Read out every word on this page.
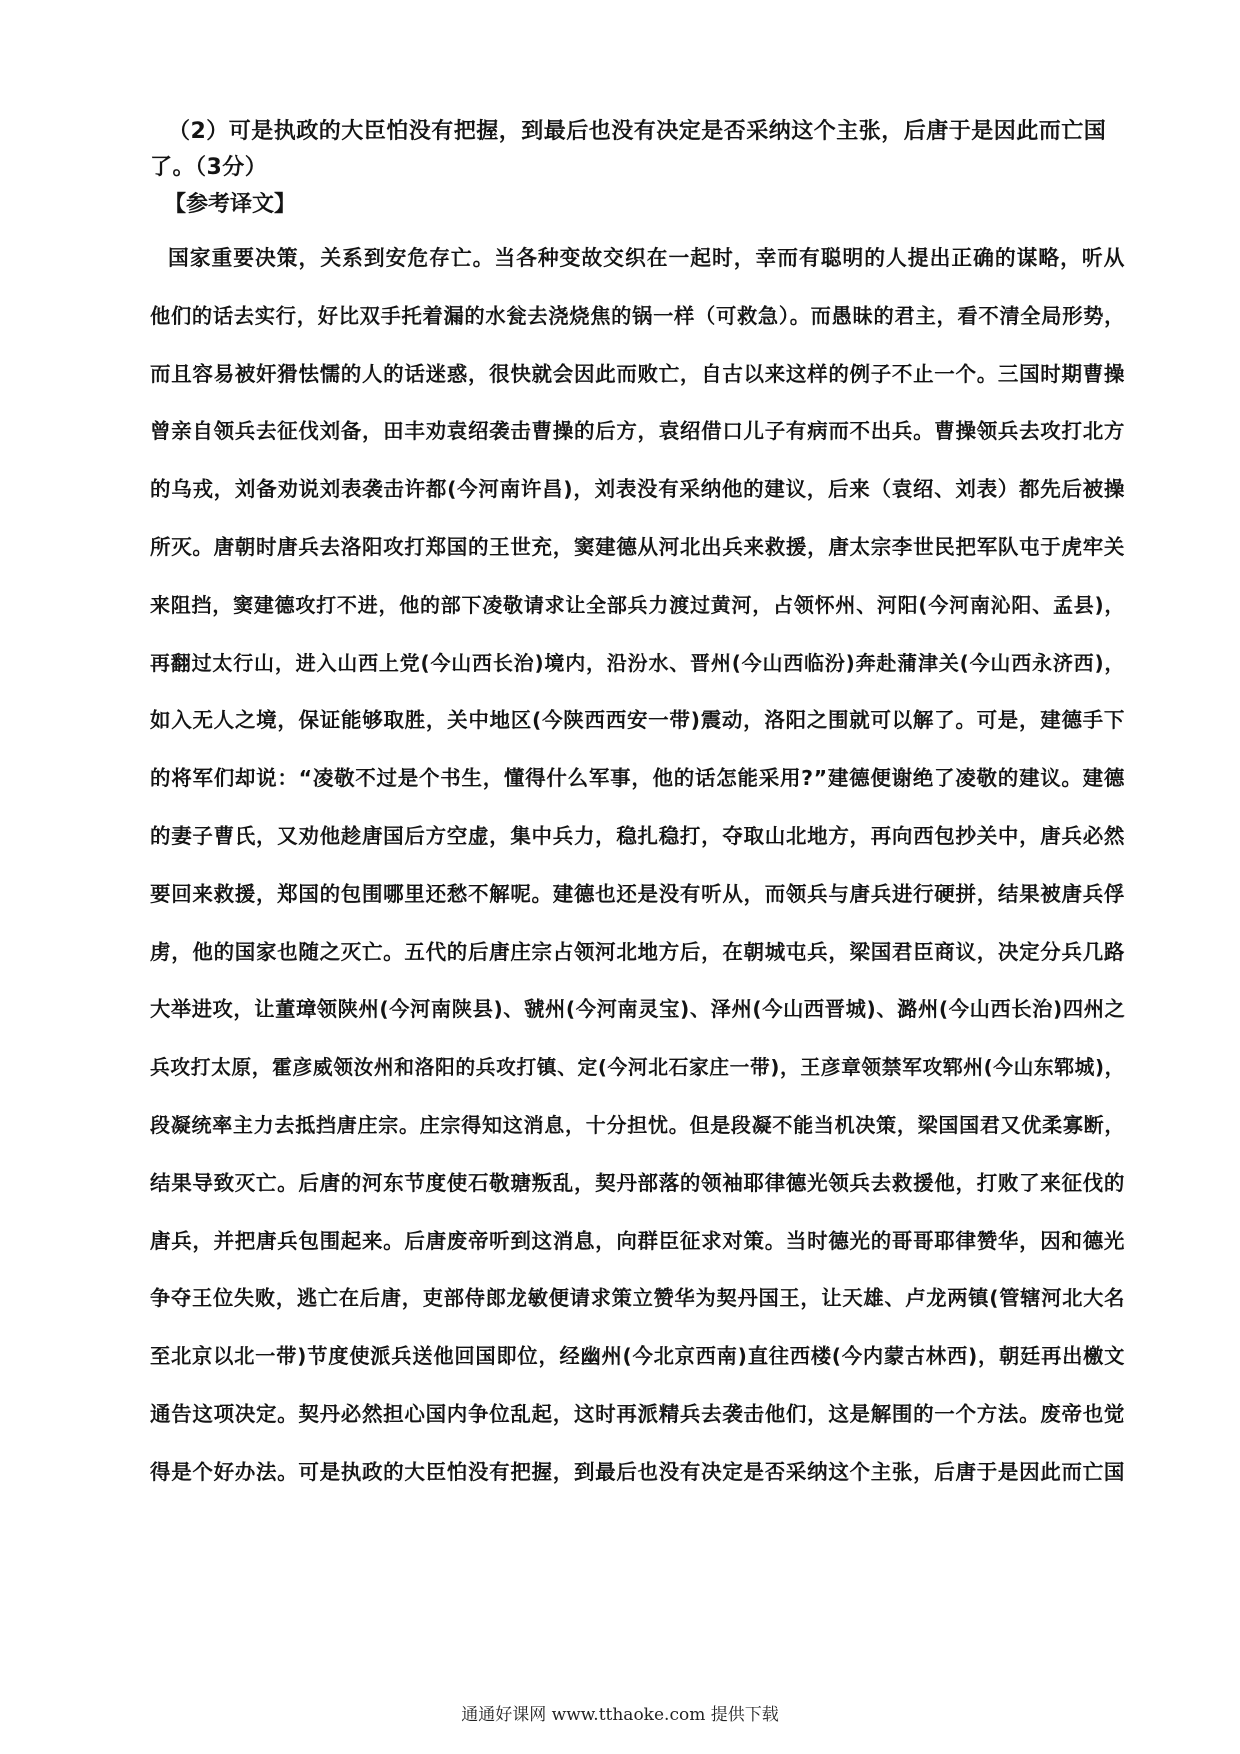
（2）可是执政的大臣怕没有把握，到最后也没有决定是否采纳这个主张，后唐于是因此而亡国了。（3分）
【参考译文】
国家重要决策，关系到安危存亡。当各种变故交织在一起时，幸而有聪明的人提出正确的谋略，听从
他们的话去实行，好比双手托着漏的水瓮去浇烧焦的锅一样（可救急）。而愚昧的君主，看不清全局形势，
而且容易被奸猾怯懦的人的话迷惑，很快就会因此而败亡，自古以来这样的例子不止一个。三国时期曹操
曾亲自领兵去征伐刘备，田丰劝袁绍袭击曹操的后方，袁绍借口儿子有病而不出兵。曹操领兵去攻打北方
的乌戎，刘备劝说刘表袭击许都(今河南许昌)，刘表没有采纳他的建议，后来（袁绍、刘表）都先后被操
所灭。唐朝时唐兵去洛阳攻打郑国的王世充，窦建德从河北出兵来救援，唐太宗李世民把军队屯于虎牢关
来阻挡，窦建德攻打不进，他的部下凌敬请求让全部兵力渡过黄河，占领怀州、河阳(今河南沁阳、孟县)，
再翻过太行山，进入山西上党(今山西长治)境内，沿汾水、晋州(今山西临汾)奔赴蒲津关(今山西永济西)，
如入无人之境，保证能够取胜，关中地区(今陕西西安一带)震动，洛阳之围就可以解了。可是，建德手下
的将军们却说：“凌敬不过是个书生，懂得什么军事，他的话怎能采用?”建德便谢绝了凌敬的建议。建德
的妻子曹氏，又劝他趁唐国后方空虚，集中兵力，稳扎稳打，夺取山北地方，再向西包抄关中，唐兵必然
要回来救援，郑国的包围哪里还愁不解呢。建德也还是没有听从，而领兵与唐兵进行硬拼，结果被唐兵俘
虏，他的国家也随之灭亡。五代的后唐庄宗占领河北地方后，在朝城屯兵，梁国君臣商议，决定分兵几路
大举进攻，让董璋领陕州(今河南陕县)、虢州(今河南灵宝)、泽州(今山西晋城)、潞州(今山西长治)四州之
兵攻打太原，霍彦威领汝州和洛阳的兵攻打镇、定(今河北石家庄一带)，王彦章领禁军攻郓州(今山东郓城)，
段凝统率主力去抵挡唐庄宗。庄宗得知这消息，十分担忧。但是段凝不能当机决策，梁国国君又优柔寡断，
结果导致灭亡。后唐的河东节度使石敬瑭叛乱，契丹部落的领袖耶律德光领兵去救援他，打败了来征伐的
唐兵，并把唐兵包围起来。后唐废帝听到这消息，向群臣征求对策。当时德光的哥哥耶律赞华，因和德光
争夺王位失败，逃亡在后唐，吏部侍郎龙敏便请求策立赞华为契丹国王，让天雄、卢龙两镇(管辖河北大名
至北京以北一带)节度使派兵送他回国即位，经幽州(今北京西南)直往西楼(今内蒙古林西)，朝廷再出檄文
通告这项决定。契丹必然担心国内争位乱起，这时再派精兵去袭击他们，这是解围的一个方法。废帝也觉
得是个好办法。可是执政的大臣怕没有把握，到最后也没有决定是否采纳这个主张，后唐于是因此而亡国
通通好课网 www.tthaoke.com 提供下载
